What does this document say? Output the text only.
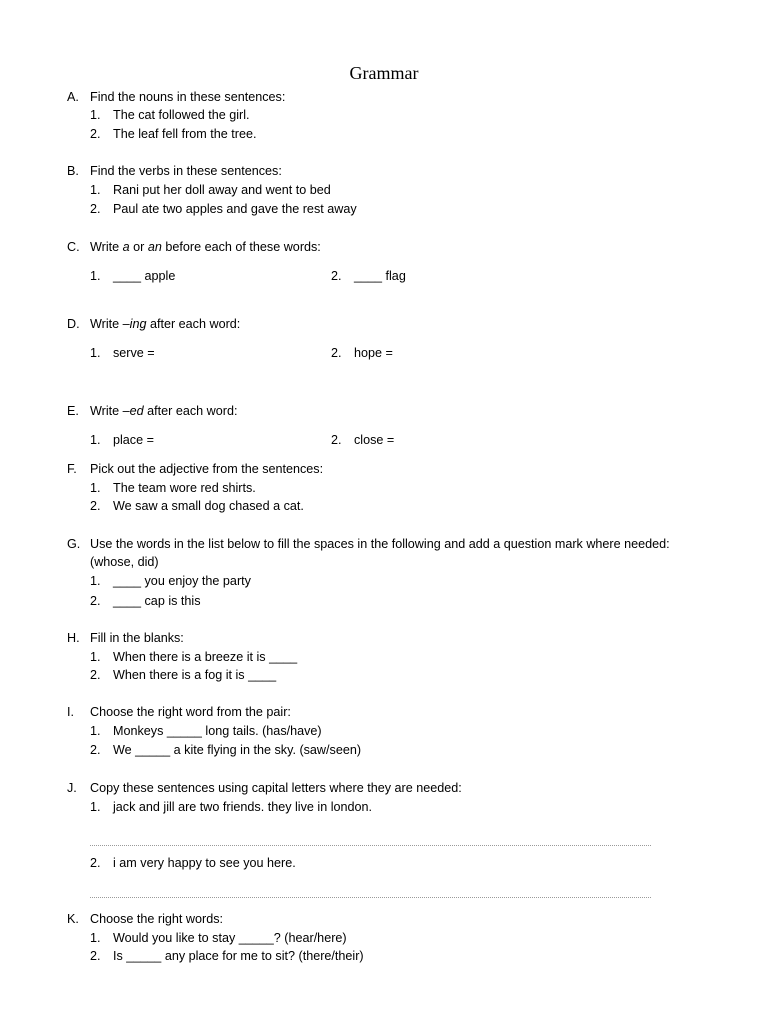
Grammar
A. Find the nouns in these sentences:
1. The cat followed the girl.
2. The leaf fell from the tree.
B. Find the verbs in these sentences:
1. Rani put her doll away and went to bed
2. Paul ate two apples and gave the rest away
C. Write a or an before each of these words:
1. ____ apple	2. ____ flag
D. Write –ing after each word:
1. serve =	2. hope =
E. Write –ed after each word:
1. place =	2. close =
F. Pick out the adjective from the sentences:
1. The team wore red shirts.
2. We saw a small dog chased a cat.
G. Use the words in the list below to fill the spaces in the following and add a question mark where needed:
(whose, did)
1. ____ you enjoy the party
2. ____ cap is this
H. Fill in the blanks:
1. When there is a breeze it is ____
2. When there is a fog it is ____
I. Choose the right word from the pair:
1. Monkeys _____ long tails. (has/have)
2. We _____ a kite flying in the sky. (saw/seen)
J. Copy these sentences using capital letters where they are needed:
1. jack and jill are two friends. they live in london.
2. i am very happy to see you here.
K. Choose the right words:
1. Would you like to stay _____? (hear/here)
2. Is _____ any place for me to sit? (there/their)
